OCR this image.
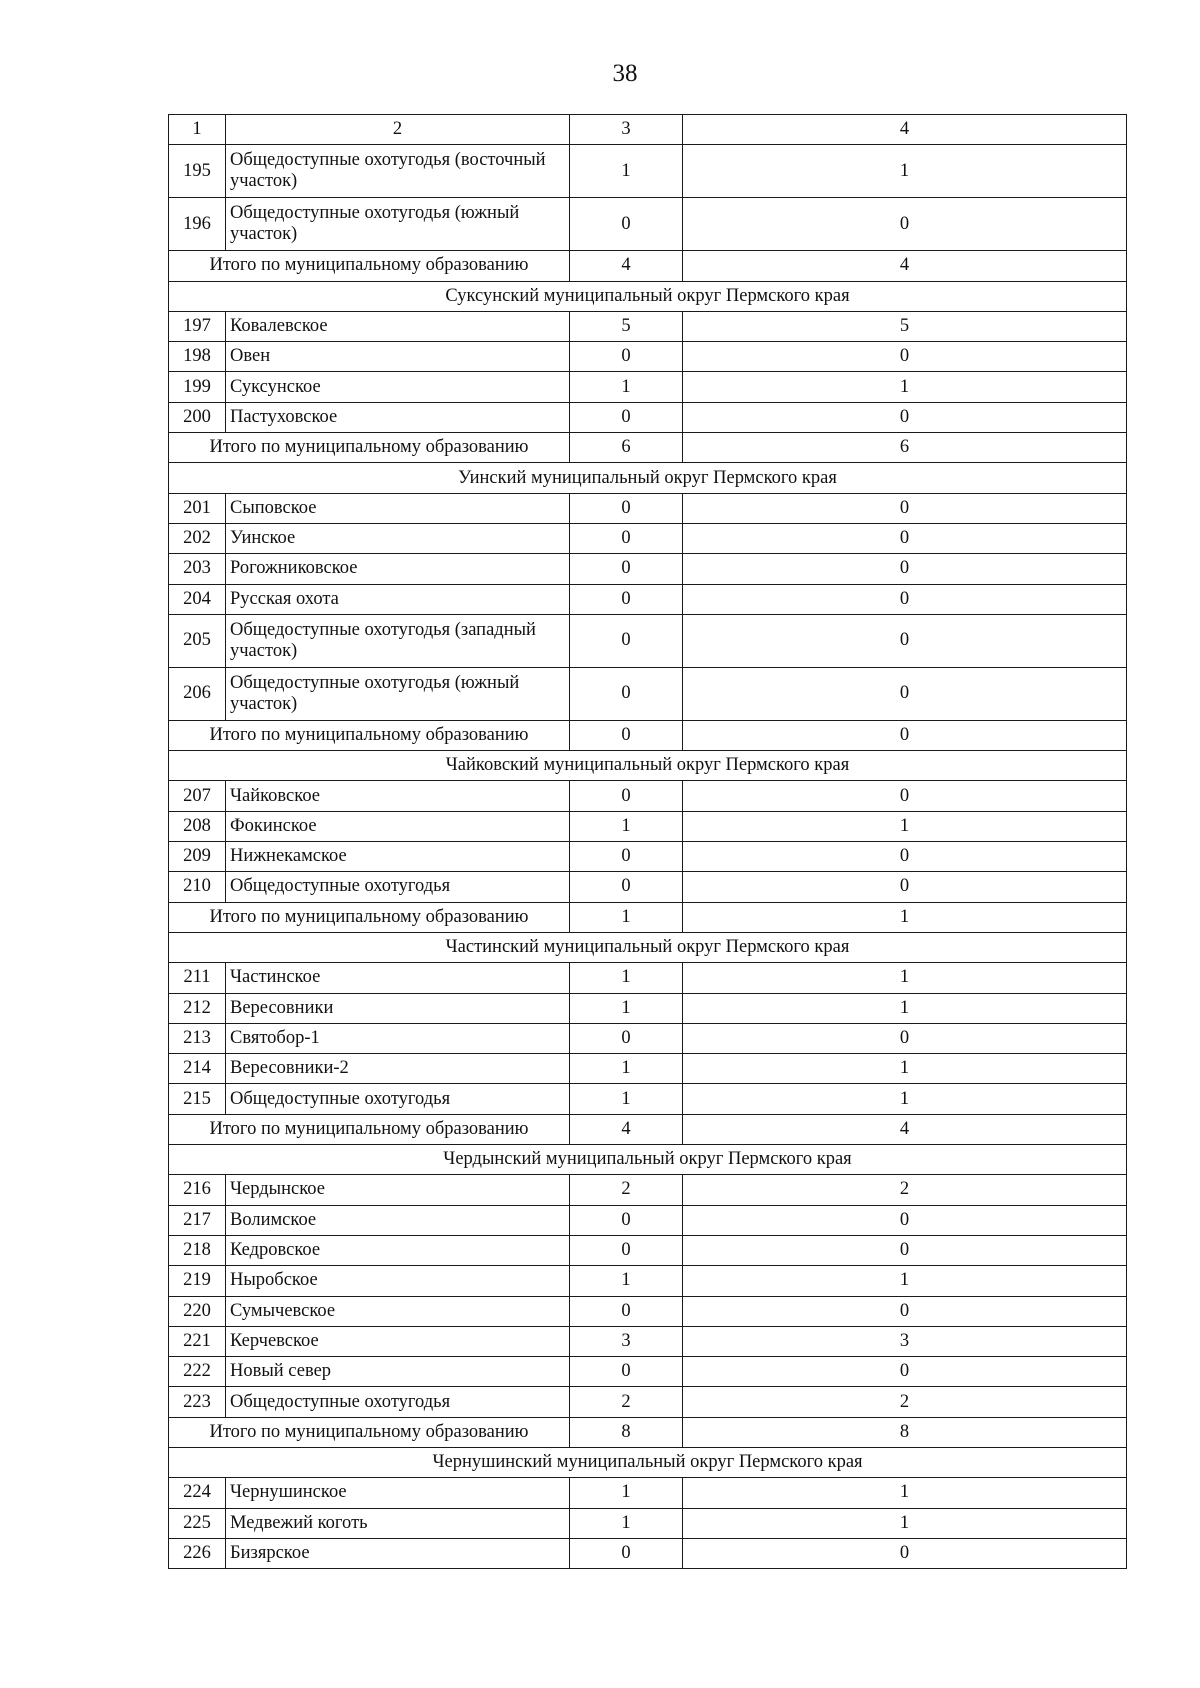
38
1	2	3	4
195	Общедоступные охотугодья (восточный участок)	1	1
196	Общедоступные охотугодья (южный участок)	0	0
Итого по муниципальному образованию		4	4
Суксунский муниципальный округ Пермского края			
197	Ковалевское	5	5
198	Овен	0	0
199	Суксунское	1	1
200	Пастуховское	0	0
Итого по муниципальному образованию		6	6
Уинский муниципальный округ Пермского края			
201	Сыповское	0	0
202	Уинское	0	0
203	Рогожниковское	0	0
204	Русская охота	0	0
205	Общедоступные охотугодья (западный участок)	0	0
206	Общедоступные охотугодья (южный участок)	0	0
Итого по муниципальному образованию		0	0
Чайковский муниципальный округ Пермского края			
207	Чайковское	0	0
208	Фокинское	1	1
209	Нижнекамское	0	0
210	Общедоступные охотугодья	0	0
Итого по муниципальному образованию		1	1
Частинский муниципальный округ Пермского края			
211	Частинское	1	1
212	Вересовники	1	1
213	Святобор-1	0	0
214	Вересовники-2	1	1
215	Общедоступные охотугодья	1	1
Итого по муниципальному образованию		4	4
Чердынский муниципальный округ Пермского края			
216	Чердынское	2	2
217	Волимское	0	0
218	Кедровское	0	0
219	Ныробское	1	1
220	Сумычевское	0	0
221	Керчевское	3	3
222	Новый север	0	0
223	Общедоступные охотугодья	2	2
Итого по муниципальному образованию		8	8
Чернушинский муниципальный округ Пермского края			
224	Чернушинское	1	1
225	Медвежий коготь	1	1
226	Бизярское	0	0
